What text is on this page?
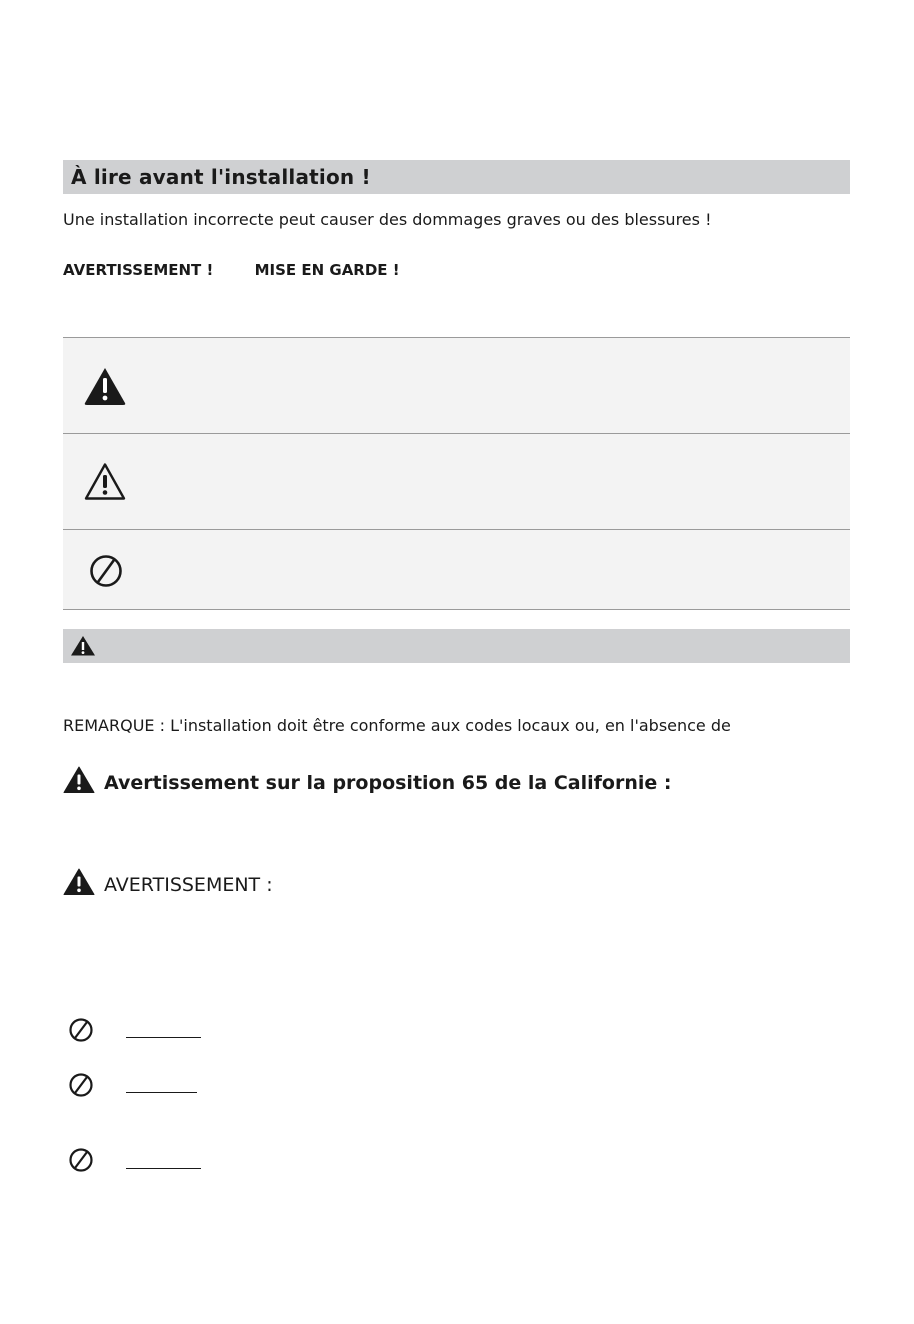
À lire avant l'installation !
Une installation incorrecte peut causer des dommages graves ou des blessures !
AVERTISSEMENT !	MISE EN GARDE !
REMARQUE : L'installation doit être conforme aux codes locaux ou, en l'absence de
Avertissement sur la proposition 65 de la Californie :
AVERTISSEMENT :
